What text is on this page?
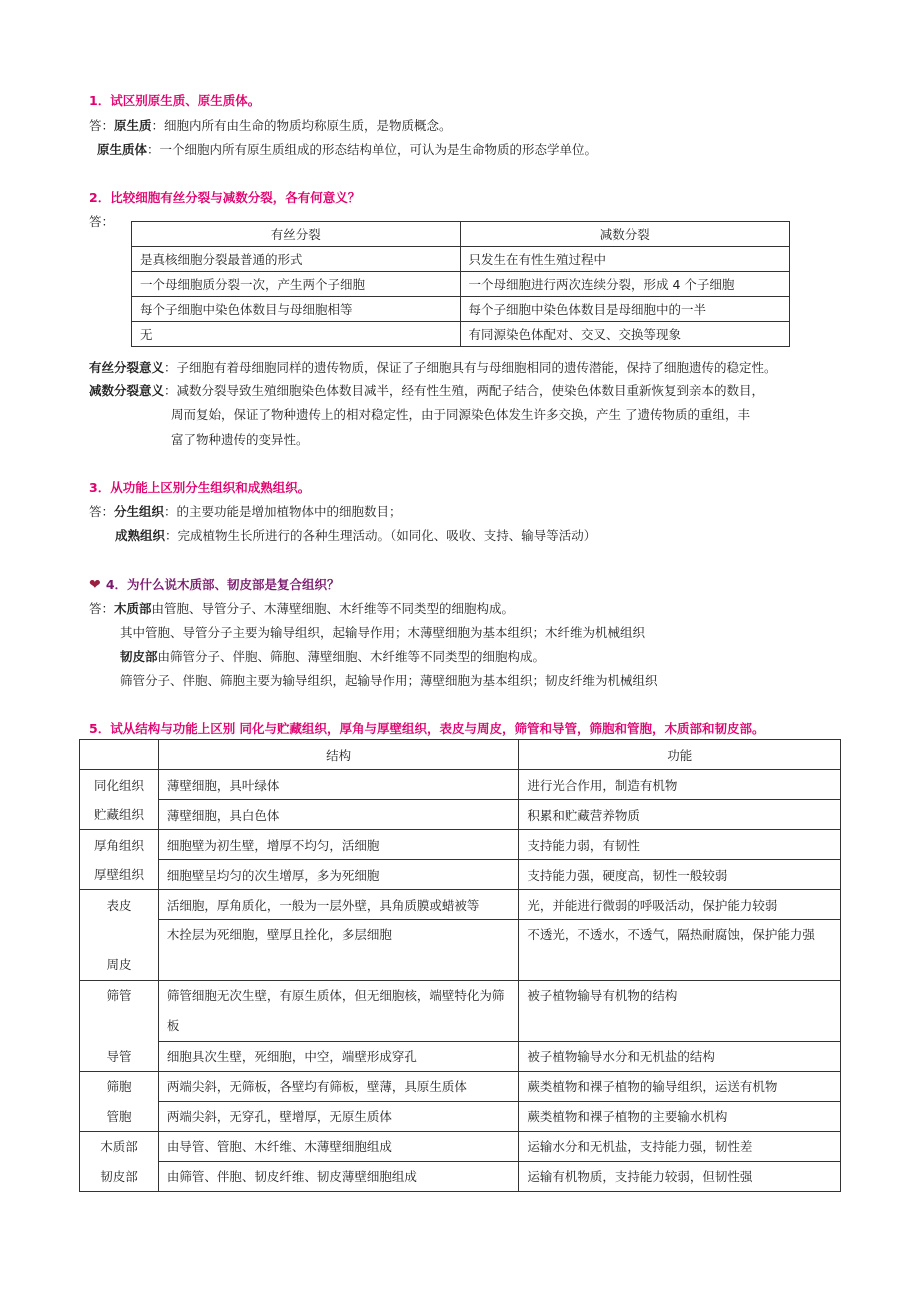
1．试区别原生质、原生质体。
答：原生质：细胞内所有由生命的物质均称原生质，是物质概念。
原生质体：一个细胞内所有原生质组成的形态结构单位，可认为是生命物质的形态学单位。
2．比较细胞有丝分裂与减数分裂，各有何意义？
答：
有丝分裂	减数分裂
是真核细胞分裂最普通的形式	只发生在有性生殖过程中
一个母细胞质分裂一次，产生两个子细胞	一个母细胞进行两次连续分裂，形成 4 个子细胞
每个子细胞中染色体数目与母细胞相等	每个子细胞中染色体数目是母细胞中的一半
无	有同源染色体配对、交叉、交换等现象
有丝分裂意义：子细胞有着母细胞同样的遗传物质，保证了子细胞具有与母细胞相同的遗传潜能，保持了细胞遗传的稳定性。
减数分裂意义：减数分裂导致生殖细胞染色体数目减半，经有性生殖，两配子结合，使染色体数目重新恢复到亲本的数目，
周而复始，保证了物种遗传上的相对稳定性，由于同源染色体发生许多交换，产生 了遗传物质的重组，丰
富了物种遗传的变异性。
3．从功能上区别分生组织和成熟组织。
答：分生组织：的主要功能是增加植物体中的细胞数目；
成熟组织：完成植物生长所进行的各种生理活动。（如同化、吸收、支持、输导等活动）
❤ 4．为什么说木质部、韧皮部是复合组织？
答：木质部由管胞、导管分子、木薄壁细胞、木纤维等不同类型的细胞构成。
其中管胞、导管分子主要为输导组织，起输导作用；木薄壁细胞为基本组织；木纤维为机械组织
韧皮部由筛管分子、伴胞、筛胞、薄壁细胞、木纤维等不同类型的细胞构成。
筛管分子、伴胞、筛胞主要为输导组织，起输导作用；薄壁细胞为基本组织；韧皮纤维为机械组织
5．试从结构与功能上区别 同化与贮藏组织，厚角与厚壁组织，表皮与周皮，筛管和导管，筛胞和管胞，木质部和韧皮部。
	结构	功能
同化组织	薄壁细胞，具叶绿体	进行光合作用，制造有机物
贮藏组织	薄壁细胞，具白色体	积累和贮藏营养物质
厚角组织	细胞壁为初生壁，增厚不均匀，活细胞	支持能力弱，有韧性
厚壁组织	细胞壁呈均匀的次生增厚，多为死细胞	支持能力强，硬度高，韧性一般较弱
表皮	活细胞，厚角质化，一般为一层外壁，具角质膜或蜡被等	光，并能进行微弱的呼吸活动，保护能力较弱
周皮	木拴层为死细胞，壁厚且拴化，多层细胞	不透光，不透水，不透气，隔热耐腐蚀，保护能力强
筛管	筛管细胞无次生壁，有原生质体，但无细胞核，端壁特化为筛板	被子植物输导有机物的结构
导管	细胞具次生壁，死细胞，中空，端壁形成穿孔	被子植物输导水分和无机盐的结构
筛胞	两端尖斜，无筛板，各壁均有筛板，壁薄，具原生质体	蕨类植物和裸子植物的输导组织，运送有机物
管胞	两端尖斜，无穿孔，壁增厚，无原生质体	蕨类植物和裸子植物的主要输水机构
木质部	由导管、管胞、木纤维、木薄壁细胞组成	运输水分和无机盐，支持能力强，韧性差
韧皮部	由筛管、伴胞、韧皮纤维、韧皮薄壁细胞组成	运输有机物质，支持能力较弱，但韧性强
